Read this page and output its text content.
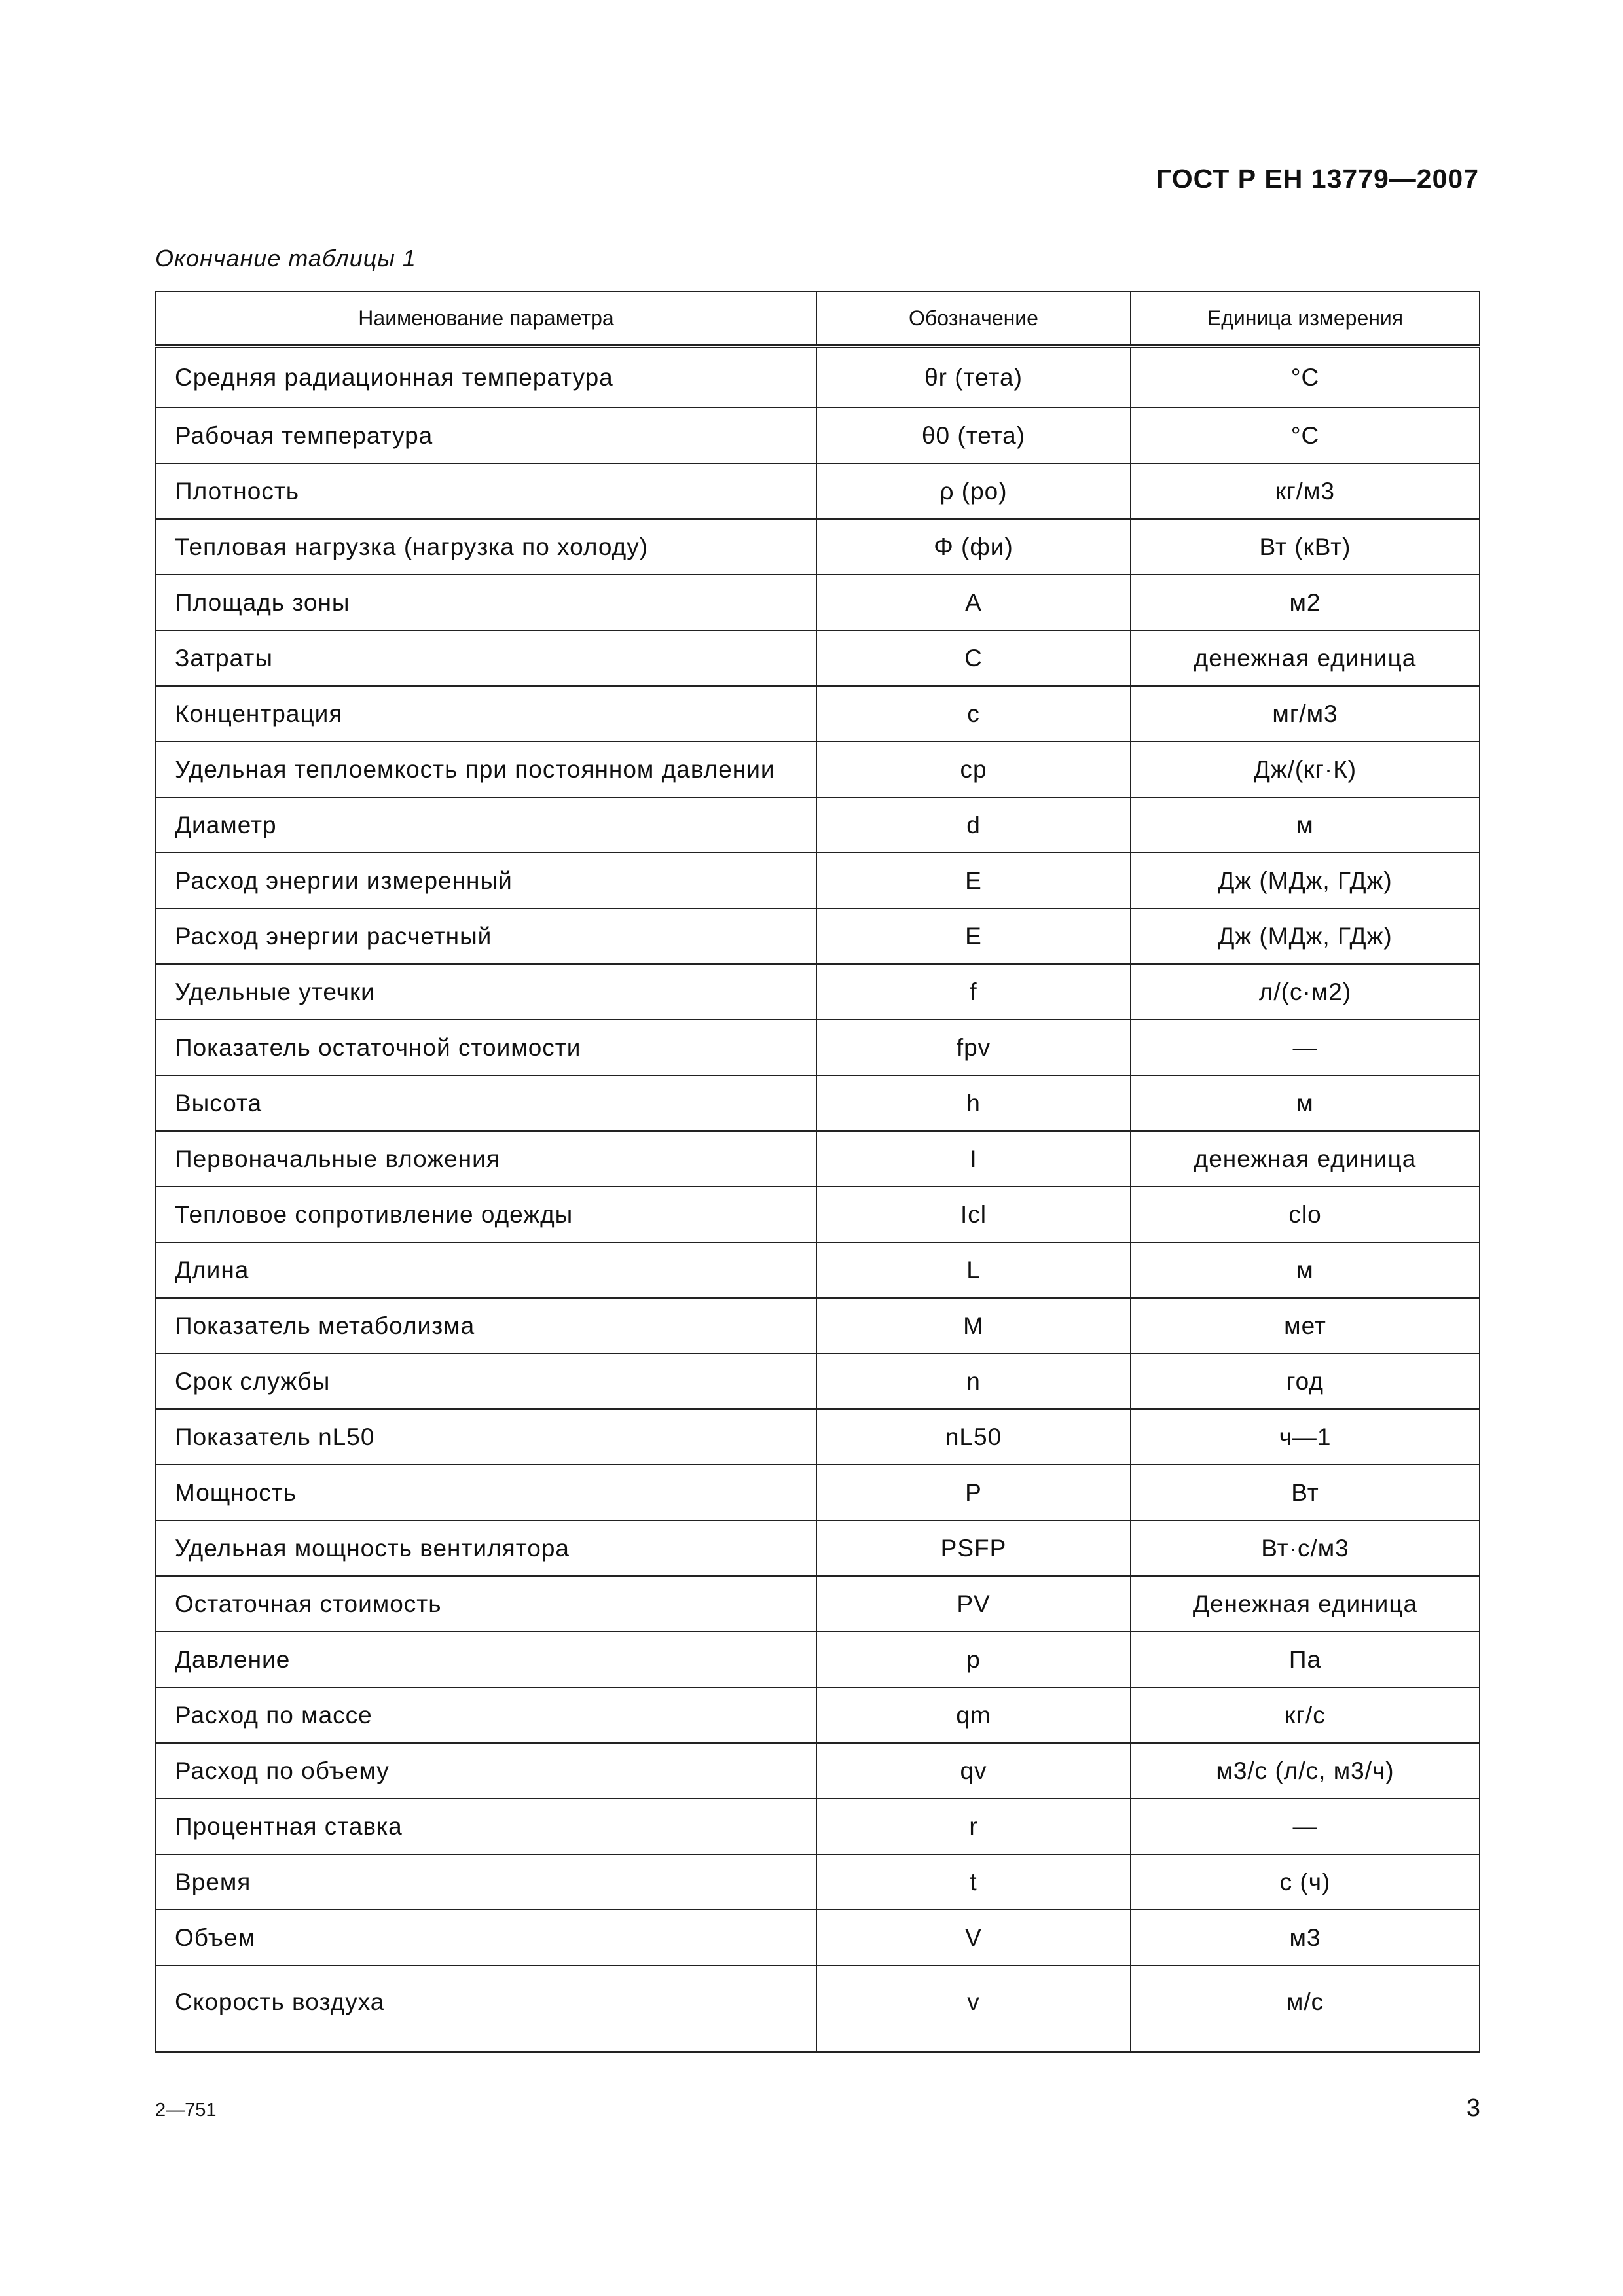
ГОСТ Р ЕН 13779—2007
Окончание таблицы 1
Наименование параметра	Обозначение	Единица измерения
Средняя радиационная температура	θr (тета)	°C
Рабочая температура	θ0 (тета)	°C
Плотность	ρ (ро)	кг/м3
Тепловая нагрузка (нагрузка по холоду)	Φ (фи)	Вт (кВт)
Площадь зоны	A	м2
Затраты	C	денежная единица
Концентрация	c	мг/м3
Удельная теплоемкость при постоянном давлении	cp	Дж/(кг·К)
Диаметр	d	м
Расход энергии измеренный	E	Дж (МДж, ГДж)
Расход энергии расчетный	E	Дж (МДж, ГДж)
Удельные утечки	f	л/(с·м2)
Показатель остаточной стоимости	fpv	—
Высота	h	м
Первоначальные вложения	I	денежная единица
Тепловое сопротивление одежды	Icl	clo
Длина	L	м
Показатель метаболизма	M	мет
Срок службы	n	год
Показатель nL50	nL50	ч—1
Мощность	P	Вт
Удельная мощность вентилятора	PSFP	Вт·с/м3
Остаточная стоимость	PV	Денежная единица
Давление	p	Па
Расход по массе	qm	кг/с
Расход по объему	qv	м3/с (л/с, м3/ч)
Процентная ставка	r	—
Время	t	с (ч)
Объем	V	м3
Скорость воздуха	v	м/с
2—751	3
